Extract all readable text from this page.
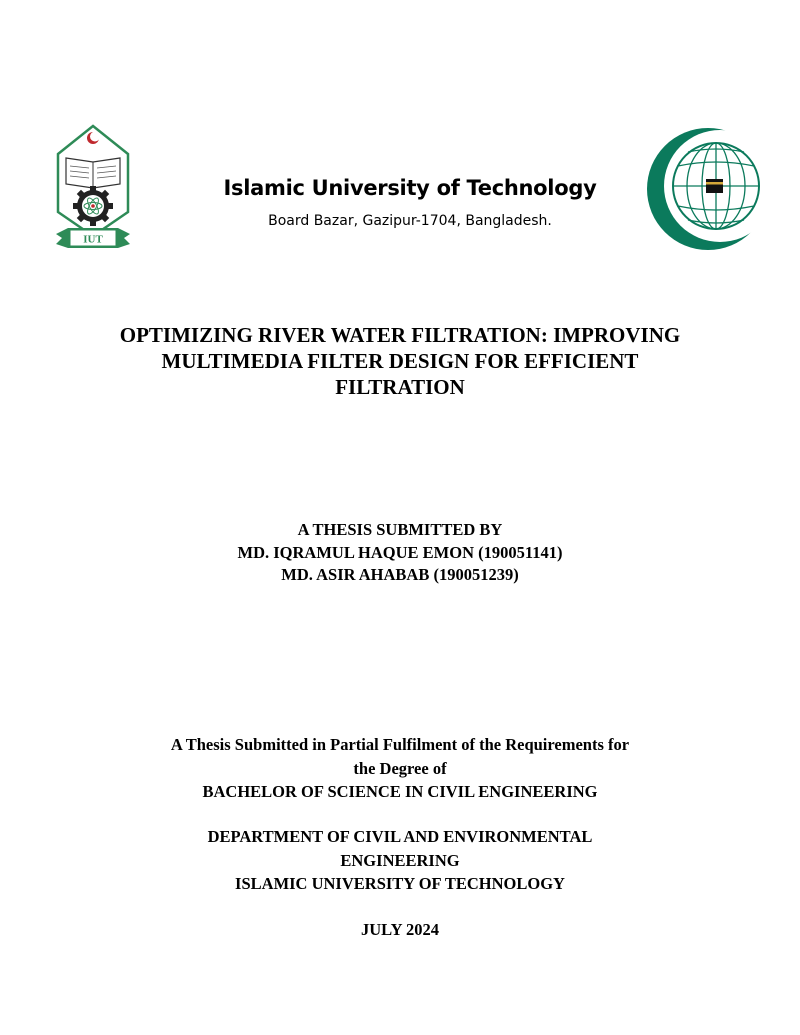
IUT
Islamic University of Technology
Board Bazar, Gazipur-1704, Bangladesh.
OPTIMIZING RIVER WATER FILTRATION: IMPROVING
MULTIMEDIA FILTER DESIGN FOR EFFICIENT
FILTRATION
A THESIS SUBMITTED BY
MD. IQRAMUL HAQUE EMON (190051141)
MD. ASIR AHABAB (190051239)
A Thesis Submitted in Partial Fulfilment of the Requirements for
the Degree of
BACHELOR OF SCIENCE IN CIVIL ENGINEERING
DEPARTMENT OF CIVIL AND ENVIRONMENTAL
ENGINEERING
ISLAMIC UNIVERSITY OF TECHNOLOGY
JULY 2024
